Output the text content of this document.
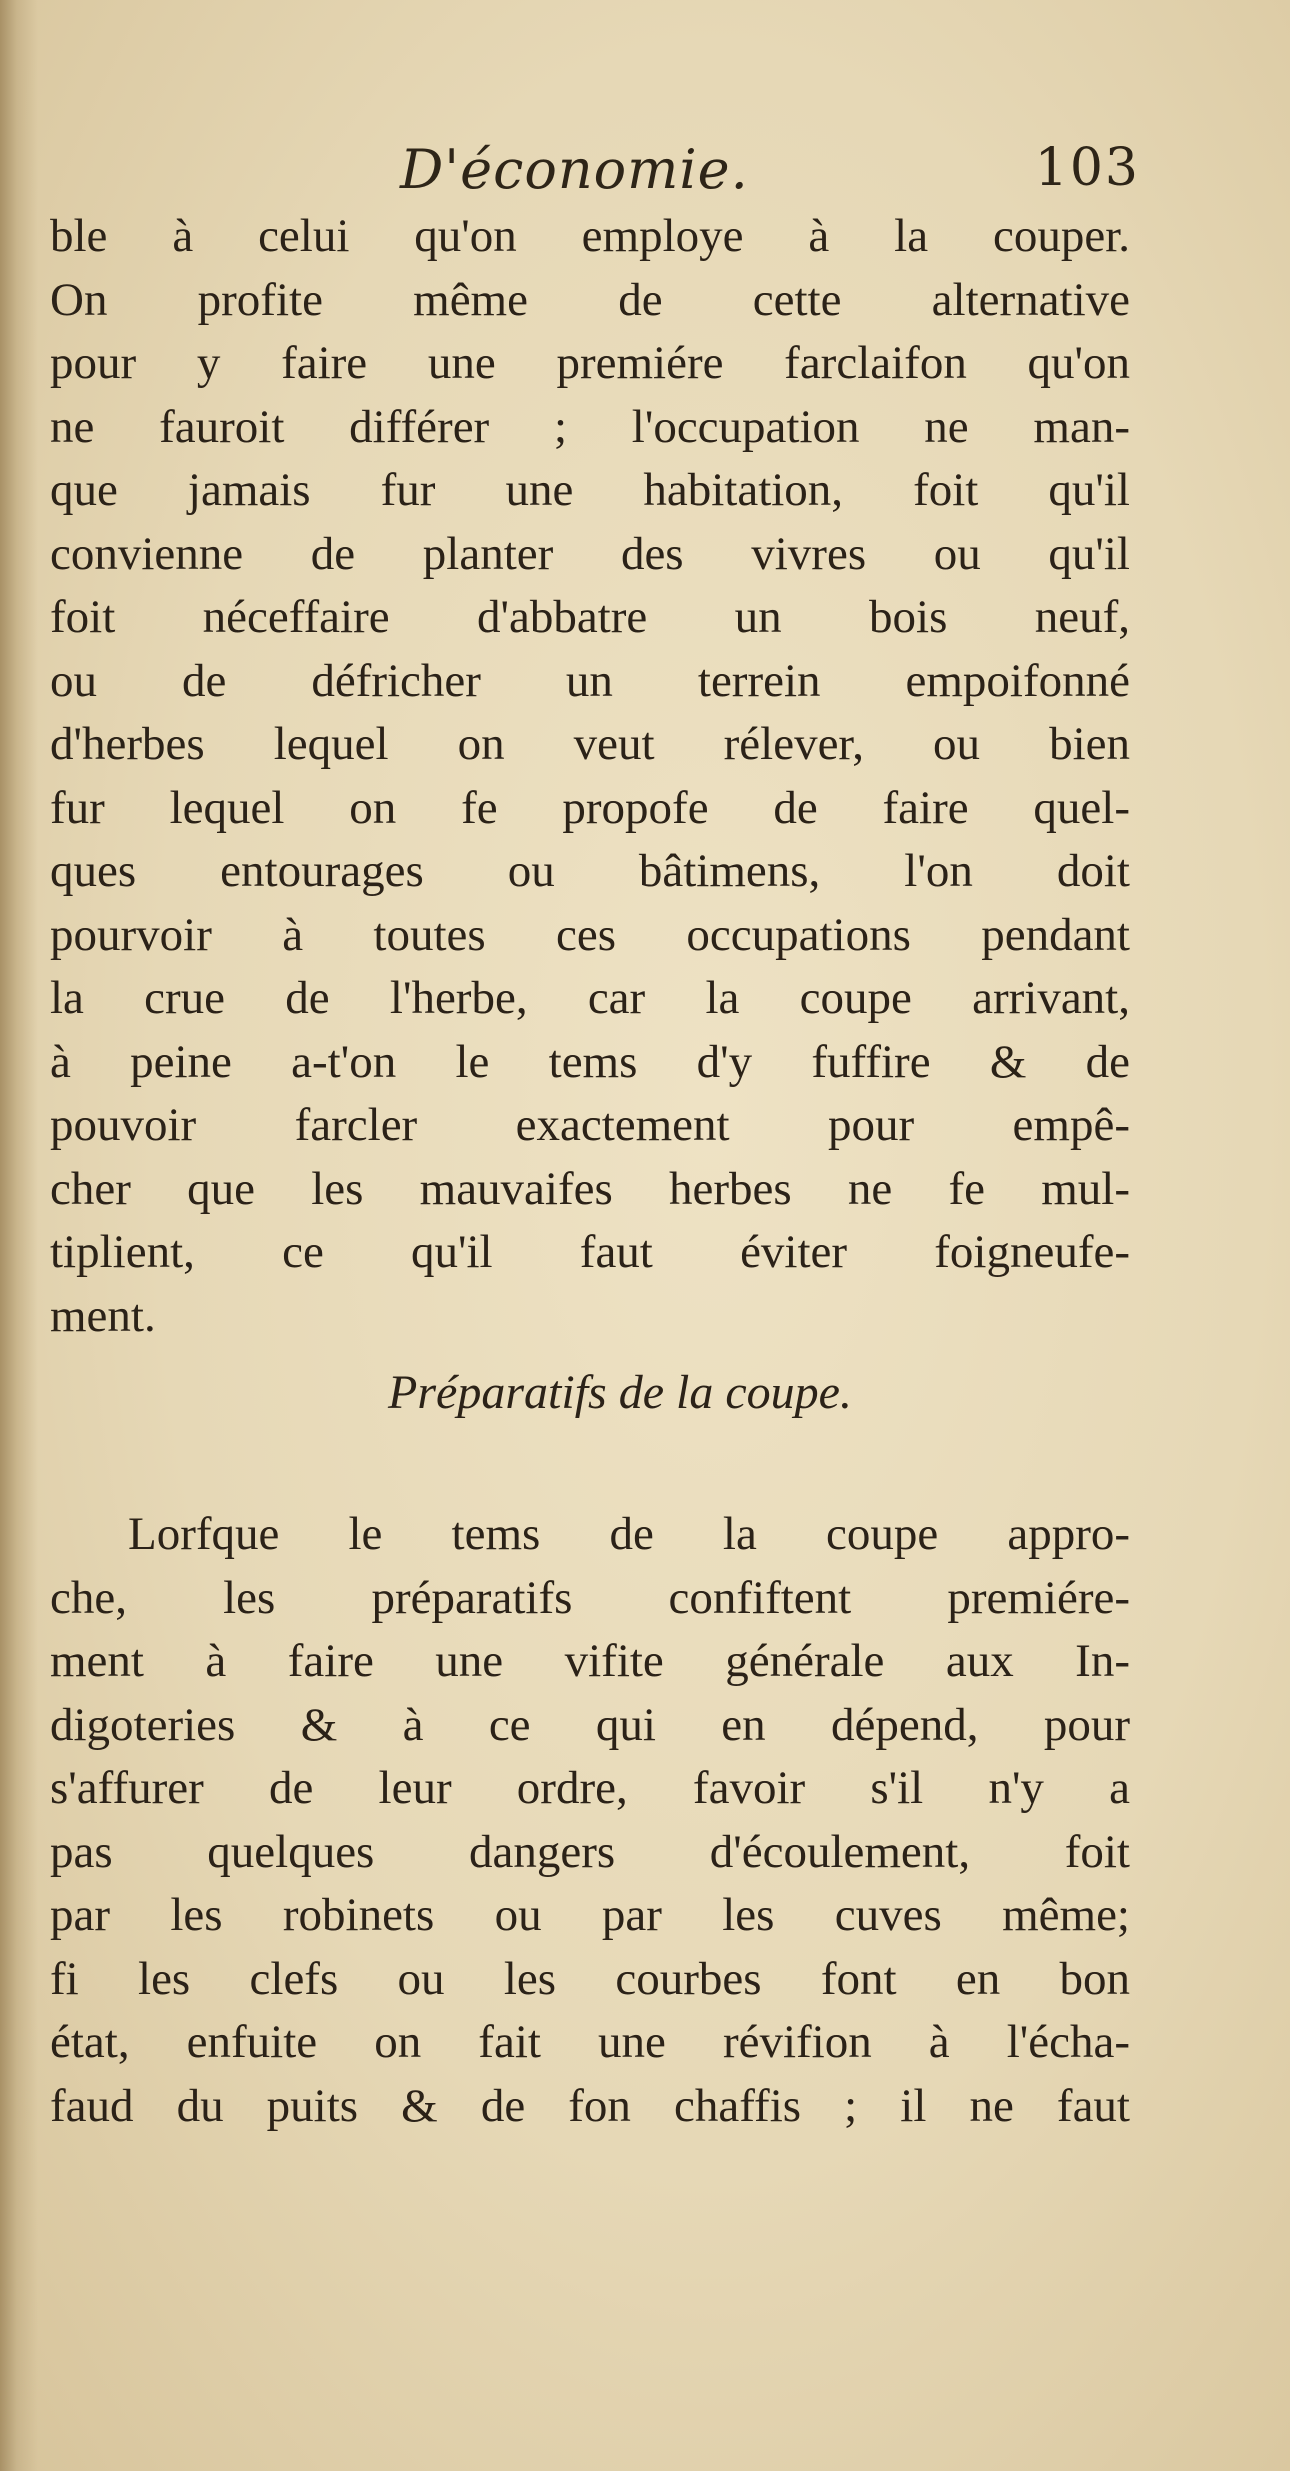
D'économie.	103
ble à celui qu'on employe à la couper.
On profite même de cette alternative
pour y faire une premiére farclaifon qu'on
ne fauroit différer ; l'occupation ne man-
que jamais fur une habitation, foit qu'il
convienne de planter des vivres ou qu'il
foit néceffaire d'abbatre un bois neuf,
ou de défricher un terrein empoifonné
d'herbes lequel on veut rélever, ou bien
fur lequel on fe propofe de faire quel-
ques entourages ou bâtimens, l'on doit
pourvoir à toutes ces occupations pendant
la crue de l'herbe, car la coupe arrivant,
à peine a-t'on le tems d'y fuffire & de
pouvoir farcler exactement pour empê-
cher que les mauvaifes herbes ne fe mul-
tiplient, ce qu'il faut éviter foigneufe-
ment.
Préparatifs de la coupe.
Lorfque le tems de la coupe appro-
che, les préparatifs confiftent premiére-
ment à faire une vifite générale aux In-
digoteries & à ce qui en dépend, pour
s'affurer de leur ordre, favoir s'il n'y a
pas quelques dangers d'écoulement, foit
par les robinets ou par les cuves même;
fi les clefs ou les courbes font en bon
état, enfuite on fait une révifion à l'écha-
faud du puits & de fon chaffis ; il ne faut
